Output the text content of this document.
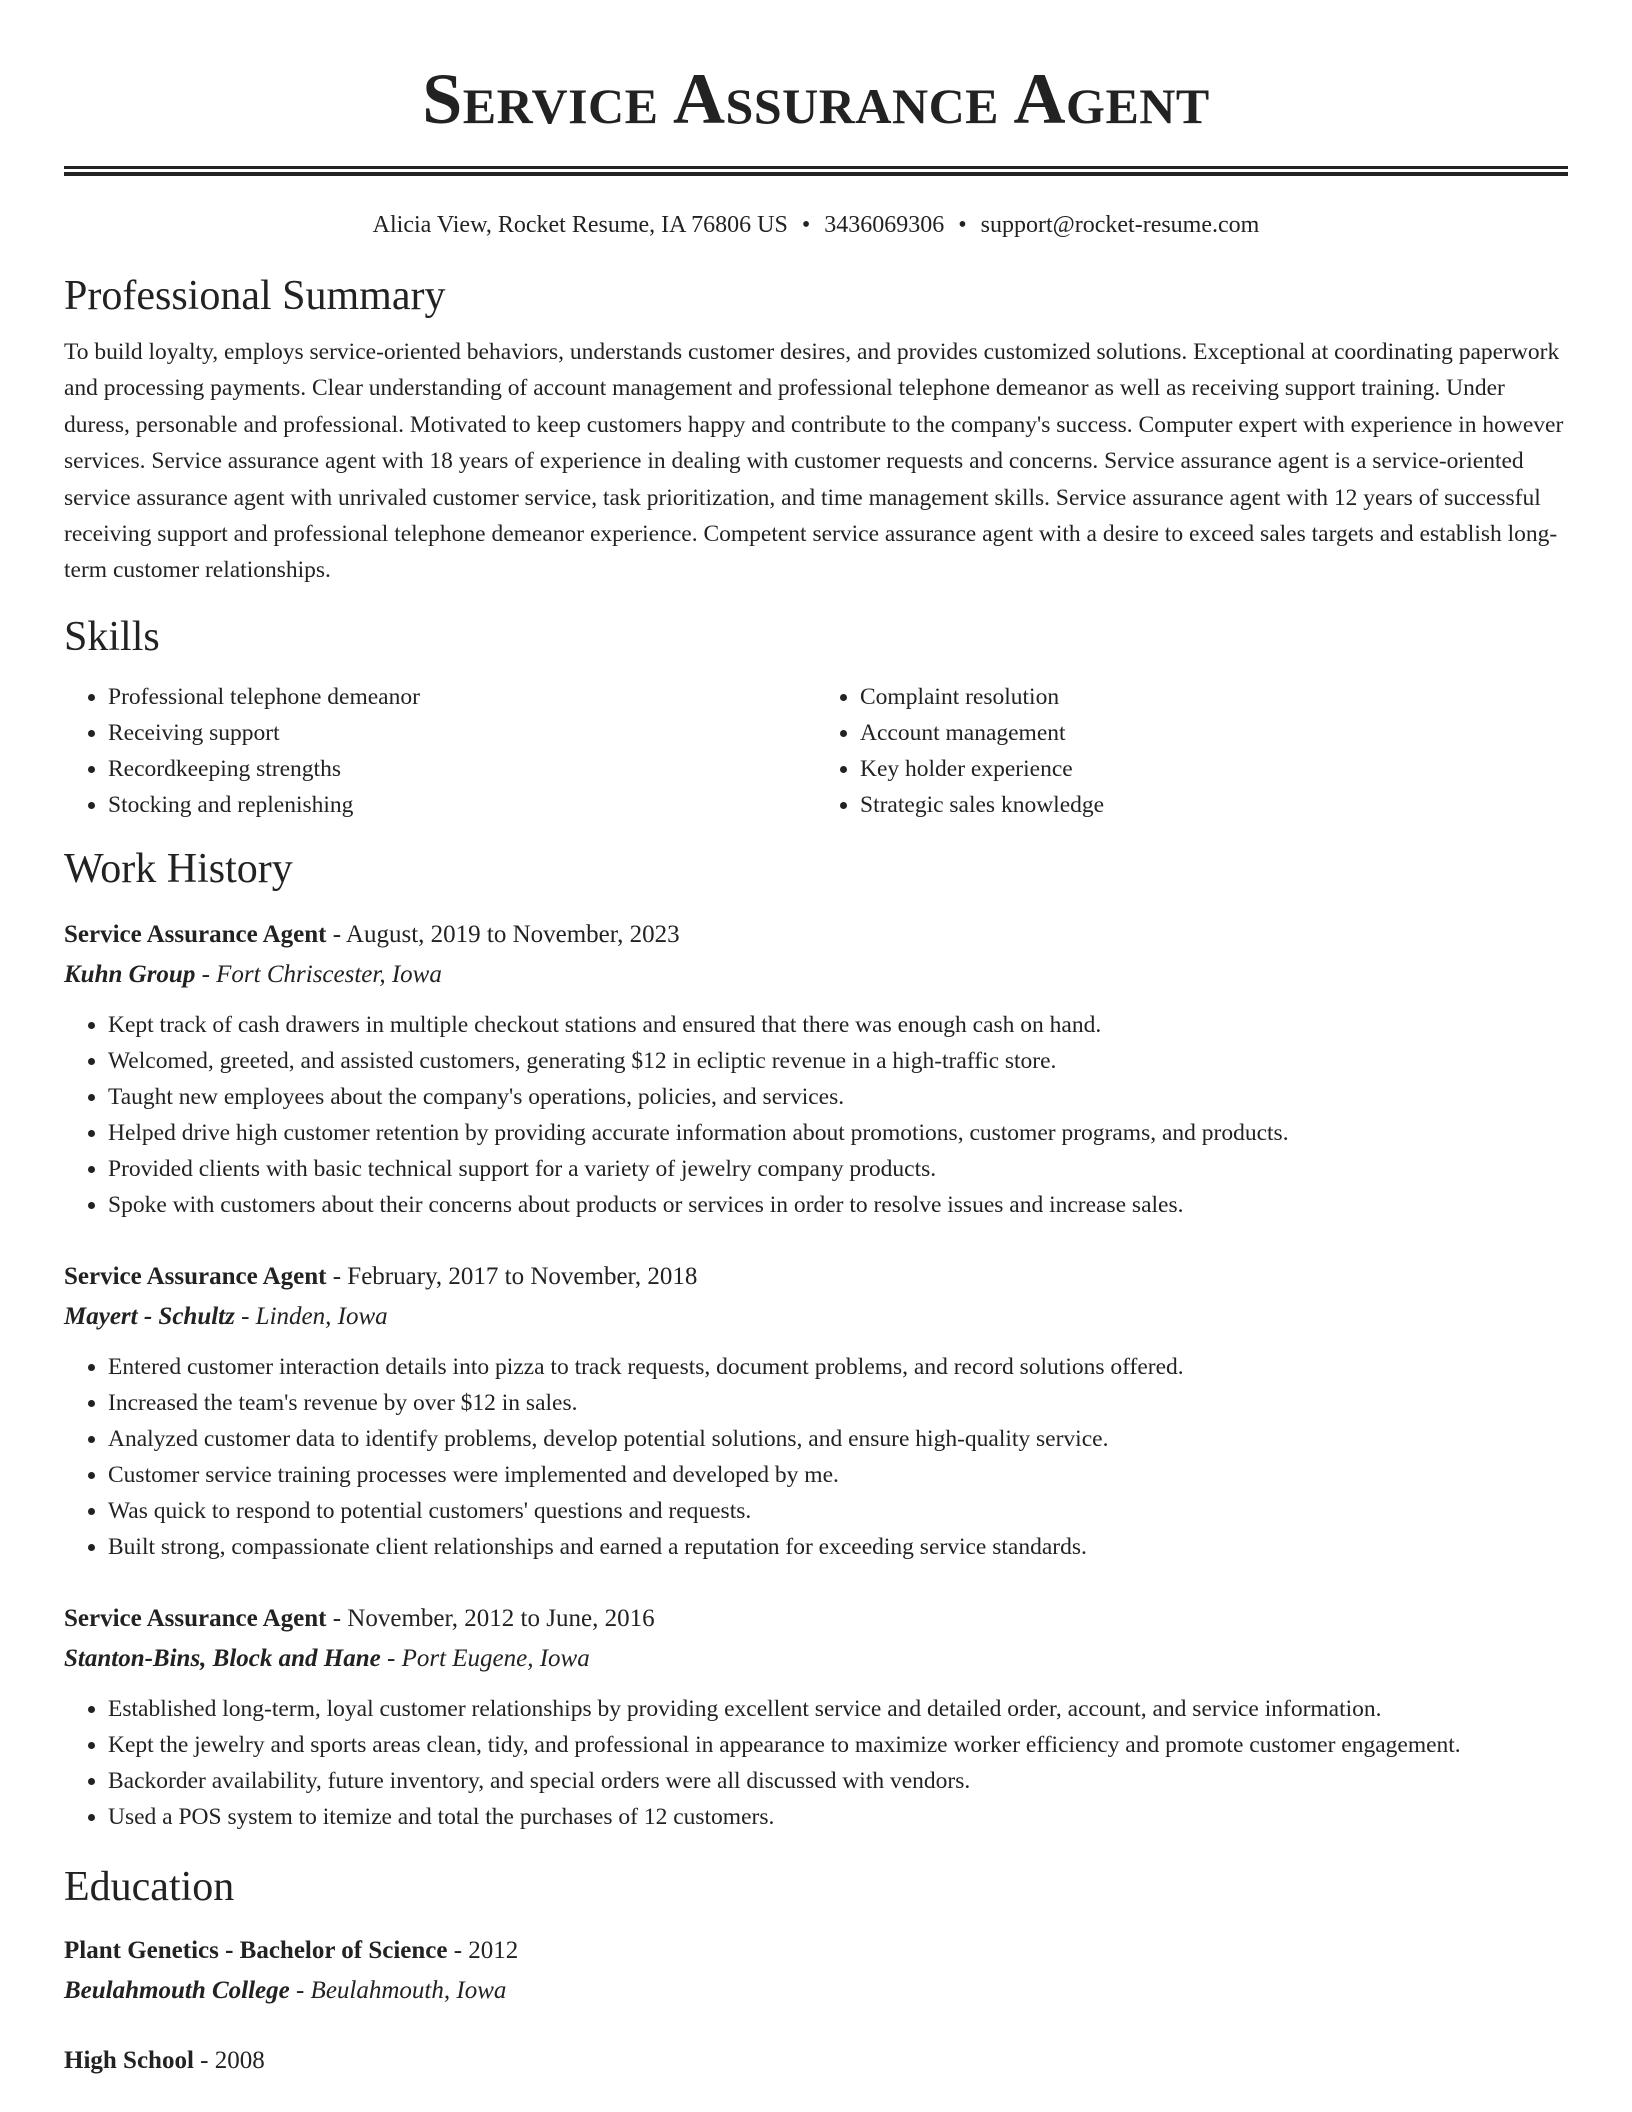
Service Assurance Agent
Alicia View, Rocket Resume, IA 76806 US • 3436069306 • support@rocket-resume.com
Professional Summary

To build loyalty, employs service-oriented behaviors, understands customer desires, and provides customized solutions. Exceptional at coordinating paperwork and processing payments. Clear understanding of account management and professional telephone demeanor as well as receiving support training. Under duress, personable and professional. Motivated to keep customers happy and contribute to the company's success. Computer expert with experience in however services. Service assurance agent with 18 years of experience in dealing with customer requests and concerns. Service assurance agent is a service-oriented service assurance agent with unrivaled customer service, task prioritization, and time management skills. Service assurance agent with 12 years of successful receiving support and professional telephone demeanor experience. Competent service assurance agent with a desire to exceed sales targets and establish long-term customer relationships.

Skills
• Professional telephone demeanor
• Receiving support
• Recordkeeping strengths
• Stocking and replenishing
• Complaint resolution
• Account management
• Key holder experience
• Strategic sales knowledge
Work History
Service Assurance Agent - August, 2019 to November, 2023
Kuhn Group - Fort Chriscester, Iowa
• Kept track of cash drawers in multiple checkout stations and ensured that there was enough cash on hand.
• Welcomed, greeted, and assisted customers, generating $12 in ecliptic revenue in a high-traffic store.
• Taught new employees about the company's operations, policies, and services.
• Helped drive high customer retention by providing accurate information about promotions, customer programs, and products.
• Provided clients with basic technical support for a variety of jewelry company products.
• Spoke with customers about their concerns about products or services in order to resolve issues and increase sales.
Service Assurance Agent - February, 2017 to November, 2018
Mayert - Schultz - Linden, Iowa
• Entered customer interaction details into pizza to track requests, document problems, and record solutions offered.
• Increased the team's revenue by over $12 in sales.
• Analyzed customer data to identify problems, develop potential solutions, and ensure high-quality service.
• Customer service training processes were implemented and developed by me.
• Was quick to respond to potential customers' questions and requests.
• Built strong, compassionate client relationships and earned a reputation for exceeding service standards.
Service Assurance Agent - November, 2012 to June, 2016
Stanton-Bins, Block and Hane - Port Eugene, Iowa
• Established long-term, loyal customer relationships by providing excellent service and detailed order, account, and service information.
• Kept the jewelry and sports areas clean, tidy, and professional in appearance to maximize worker efficiency and promote customer engagement.
• Backorder availability, future inventory, and special orders were all discussed with vendors.
• Used a POS system to itemize and total the purchases of 12 customers.
Education
Plant Genetics - Bachelor of Science - 2012
Beulahmouth College - Beulahmouth, Iowa
High School - 2008
